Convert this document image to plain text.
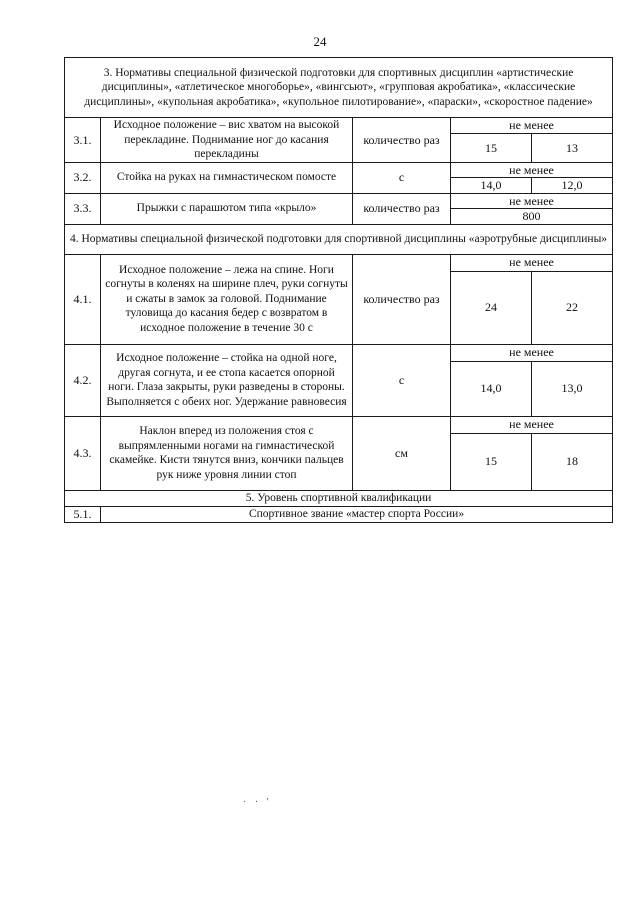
24
3. Нормативы специальной физической подготовки для спортивных дисциплин «артистические дисциплины», «атлетическое многоборье», «вингсьют», «групповая акробатика», «классические дисциплины», «купольная акробатика», «купольное пилотирование», «параски», «скоростное падение»				
3.1.	Исходное положение – вис хватом на высокой перекладине. Поднимание ног до касания перекладины	количество раз	не менее	
			15	13
3.2.	Стойка на руках на гимнастическом помосте	с	не менее	
			14,0	12,0
3.3.	Прыжки с парашютом типа «крыло»	количество раз	не менее	
			800	
4. Нормативы специальной физической подготовки для спортивной дисциплины «аэротрубные дисциплины»				
4.1.	Исходное положение – лежа на спине. Ноги согнуты в коленях на ширине плеч, руки согнуты и сжаты в замок за головой. Поднимание туловища до касания бедер с возвратом в исходное положение в течение 30 с	количество раз	не менее	
			24	22
4.2.	Исходное положение – стойка на одной ноге, другая согнута, и ее стопа касается опорной ноги. Глаза закрыты, руки разведены в стороны. Выполняется с обеих ног. Удержание равновесия	с	не менее	
			14,0	13,0
4.3.	Наклон вперед из положения стоя с выпрямленными ногами на гимнастической скамейке. Кисти тянутся вниз, кончики пальцев рук ниже уровня линии стоп	см	не менее	
			15	18
5. Уровень спортивной квалификации				
5.1.	Спортивное звание «мастер спорта России»			
· · '
